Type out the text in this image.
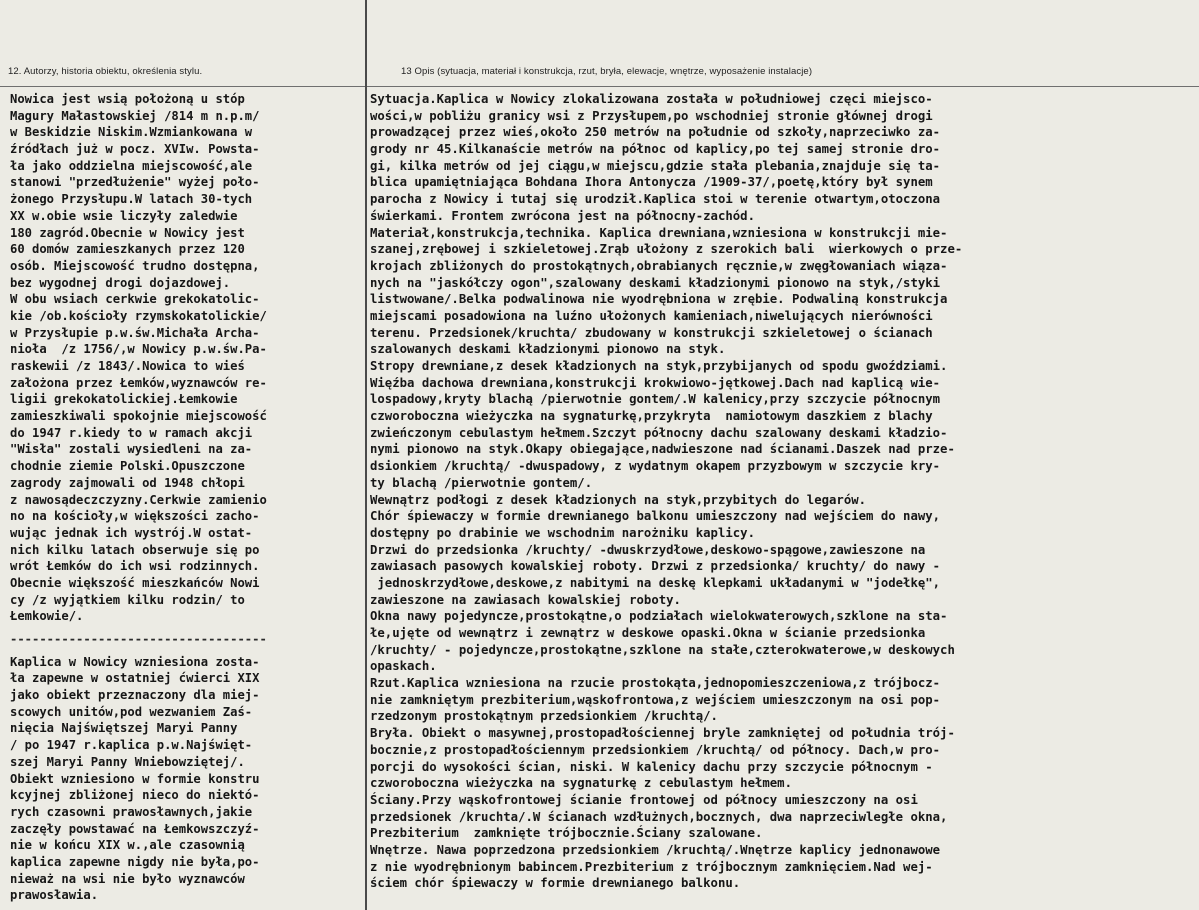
12. Autorzy, historia obiektu, określenia stylu.	13 Opis (sytuacja, materiał i konstrukcja, rzut, bryła, elewacje, wnętrze, wyposażenie instalacje)
Nowica jest wsią położoną u stóp
Magury Małastowskiej /814 m n.p.m/
w Beskidzie Niskim.Wzmiankowana w
źródłach już w pocz. XVIw. Powsta-
ła jako oddzielna miejscowość,ale
stanowi "przedłużenie" wyżej poło-
żonego Przysłupu.W latach 30-tych
XX w.obie wsie liczyły zaledwie
180 zagród.Obecnie w Nowicy jest
60 domów zamieszkanych przez 120
osób. Miejscowość trudno dostępna,
bez wygodnej drogi dojazdowej.
W obu wsiach cerkwie grekokatolic-
kie /ob.kościoły rzymskokatolickie/
w Przysłupie p.w.św.Michała Archa-
nioła  /z 1756/,w Nowicy p.w.św.Pa-
raskewii /z 1843/.Nowica to wieś
założona przez Łemków,wyznawców re-
ligii grekokatolickiej.Łemkowie
zamieszkiwali spokojnie miejscowość
do 1947 r.kiedy to w ramach akcji
"Wisła" zostali wysiedleni na za-
chodnie ziemie Polski.Opuszczone
zagrody zajmowali od 1948 chłopi
z nawosądeczczyzny.Cerkwie zamienio
no na kościoły,w większości zacho-
wując jednak ich wystrój.W ostat-
nich kilku latach obserwuje się po
wrót Łemków do ich wsi rodzinnych.
Obecnie większość mieszkańców Nowi
cy /z wyjątkiem kilku rodzin/ to
Łemkowie/.
-----------------------------------
Kaplica w Nowicy wzniesiona zosta-
ła zapewne w ostatniej ćwierci XIX
jako obiekt przeznaczony dla miej-
scowych unitów,pod wezwaniem Zaś-
nięcia Najświętszej Maryi Panny
/ po 1947 r.kaplica p.w.Najświęt-
szej Maryi Panny Wniebowziętej/.
Obiekt wzniesiono w formie konstru
kcyjnej zbliżonej nieco do niektó-
rych czasowni prawosławnych,jakie
zaczęły powstawać na Łemkowszczyź-
nie w końcu XIX w.,ale czasownią
kaplica zapewne nigdy nie była,po-
nieważ na wsi nie było wyznawców
prawosławia.
Sytuacja.Kaplica w Nowicy zlokalizowana została w południowej częci miejsco-
wości,w pobliżu granicy wsi z Przysłupem,po wschodniej stronie głównej drogi
prowadzącej przez wieś,około 250 metrów na południe od szkoły,naprzeciwko za-
grody nr 45.Kilkanaście metrów na północ od kaplicy,po tej samej stronie dro-
gi, kilka metrów od jej ciągu,w miejscu,gdzie stała plebania,znajduje się ta-
blica upamiętniająca Bohdana Ihora Antonycza /1909-37/,poetę,który był synem
parocha z Nowicy i tutaj się urodził.Kaplica stoi w terenie otwartym,otoczona
świerkami. Frontem zwrócona jest na północny-zachód.
Materiał,konstrukcja,technika. Kaplica drewniana,wzniesiona w konstrukcji mie-
szanej,zrębowej i szkieletowej.Zrąb ułożony z szerokich bali  wierkowych o prze-
krojach zbliżonych do prostokątnych,obrabianych ręcznie,w zwęgłowaniach wiąza-
nych na "jaskółczy ogon",szalowany deskami kładzionymi pionowo na styk,/styki
listwowane/.Belka podwalinowa nie wyodrębniona w zrębie. Podwaliną konstrukcja
miejscami posadowiona na luźno ułożonych kamieniach,niwelujących nierówności
terenu. Przedsionek/kruchta/ zbudowany w konstrukcji szkieletowej o ścianach
szalowanych deskami kładzionymi pionowo na styk.
Stropy drewniane,z desek kładzionych na styk,przybijanych od spodu gwoździami.
Więźba dachowa drewniana,konstrukcji krokwiowo-jętkowej.Dach nad kaplicą wie-
lospadowy,kryty blachą /pierwotnie gontem/.W kalenicy,przy szczycie północnym
czworoboczna wieżyczka na sygnaturkę,przykryta  namiotowym daszkiem z blachy
zwieńczonym cebulastym hełmem.Szczyt północny dachu szalowany deskami kładzio-
nymi pionowo na styk.Okapy obiegające,nadwieszone nad ścianami.Daszek nad prze-
dsionkiem /kruchtą/ -dwuspadowy, z wydatnym okapem przyzbowym w szczycie kry-
ty blachą /pierwotnie gontem/.
Wewnątrz podłogi z desek kładzionych na styk,przybitych do legarów.
Chór śpiewaczy w formie drewnianego balkonu umieszczony nad wejściem do nawy,
dostępny po drabinie we wschodnim narożniku kaplicy.
Drzwi do przedsionka /kruchty/ -dwuskrzydłowe,deskowo-spągowe,zawieszone na
zawiasach pasowych kowalskiej roboty. Drzwi z przedsionka/ kruchty/ do nawy -
jednoskrzydłowe,deskowe,z nabitymi na deskę klepkami układanymi w "jodełkę",
zawieszone na zawiasach kowalskiej roboty.
Okna nawy pojedyncze,prostokątne,o podziałach wielokwaterowych,szklone na sta-
łe,ujęte od wewnątrz i zewnątrz w deskowe opaski.Okna w ścianie przedsionka
/kruchty/ - pojedyncze,prostokątne,szklone na stałe,czterokwaterowe,w deskowych
opaskach.
Rzut.Kaplica wzniesiona na rzucie prostokąta,jednopomieszczeniowa,z trójbocz-
nie zamkniętym prezbiterium,wąskofrontowa,z wejściem umieszczonym na osi pop-
rzedzonym prostokątnym przedsionkiem /kruchtą/.
Bryła. Obiekt o masywnej,prostopadłościennej bryle zamkniętej od południa trój-
bocznie,z prostopadłościennym przedsionkiem /kruchtą/ od północy. Dach,w pro-
porcji do wysokości ścian, niski. W kalenicy dachu przy szczycie północnym -
czworoboczna wieżyczka na sygnaturkę z cebulastym hełmem.
Ściany.Przy wąskofrontowej ścianie frontowej od północy umieszczony na osi
przedsionek /kruchta/.W ścianach wzdłużnych,bocznych, dwa naprzeciwległe okna,
Prezbiterium  zamknięte trójbocznie.Ściany szalowane.
Wnętrze. Nawa poprzedzona przedsionkiem /kruchtą/.Wnętrze kaplicy jednonawowe
z nie wyodrębnionym babincem.Prezbiterium z trójbocznym zamknięciem.Nad wej-
ściem chór śpiewaczy w formie drewnianego balkonu.
